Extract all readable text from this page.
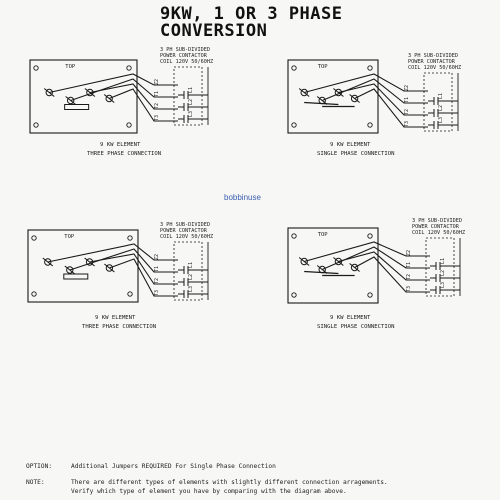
9KW, 1 OR 3 PHASE
CONVERSION
TOP
Z2
T1
T2
T3
3 PH SUB-DIVIDED
POWER CONTACTOR
COIL 120V 50/60HZ
L1
L2
L3
9 KW ELEMENT
THREE PHASE CONNECTION
TOP
Z2
T1
T2
T3
3 PH SUB-DIVIDED
POWER CONTACTOR
COIL 120V 50/60HZ
L1
L2
L3
9 KW ELEMENT
SINGLE PHASE CONNECTION
TOP
Z2
T1
T2
T3
3 PH SUB-DIVIDED
POWER CONTACTOR
COIL 120V 50/60HZ
L1
L2
L3
9 KW ELEMENT
THREE PHASE CONNECTION
TOP
Z2
T1
T2
T3
3 PH SUB-DIVIDED
POWER CONTACTOR
COIL 120V 50/60HZ
L1
L2
L3
9 KW ELEMENT
SINGLE PHASE CONNECTION
bobbinuse
OPTION:	Additional Jumpers REQUIRED For Single Phase Connection
NOTE:	There are different types of elements with slightly different connection arragements.
Verify which type of element you have by comparing with the diagram above.
